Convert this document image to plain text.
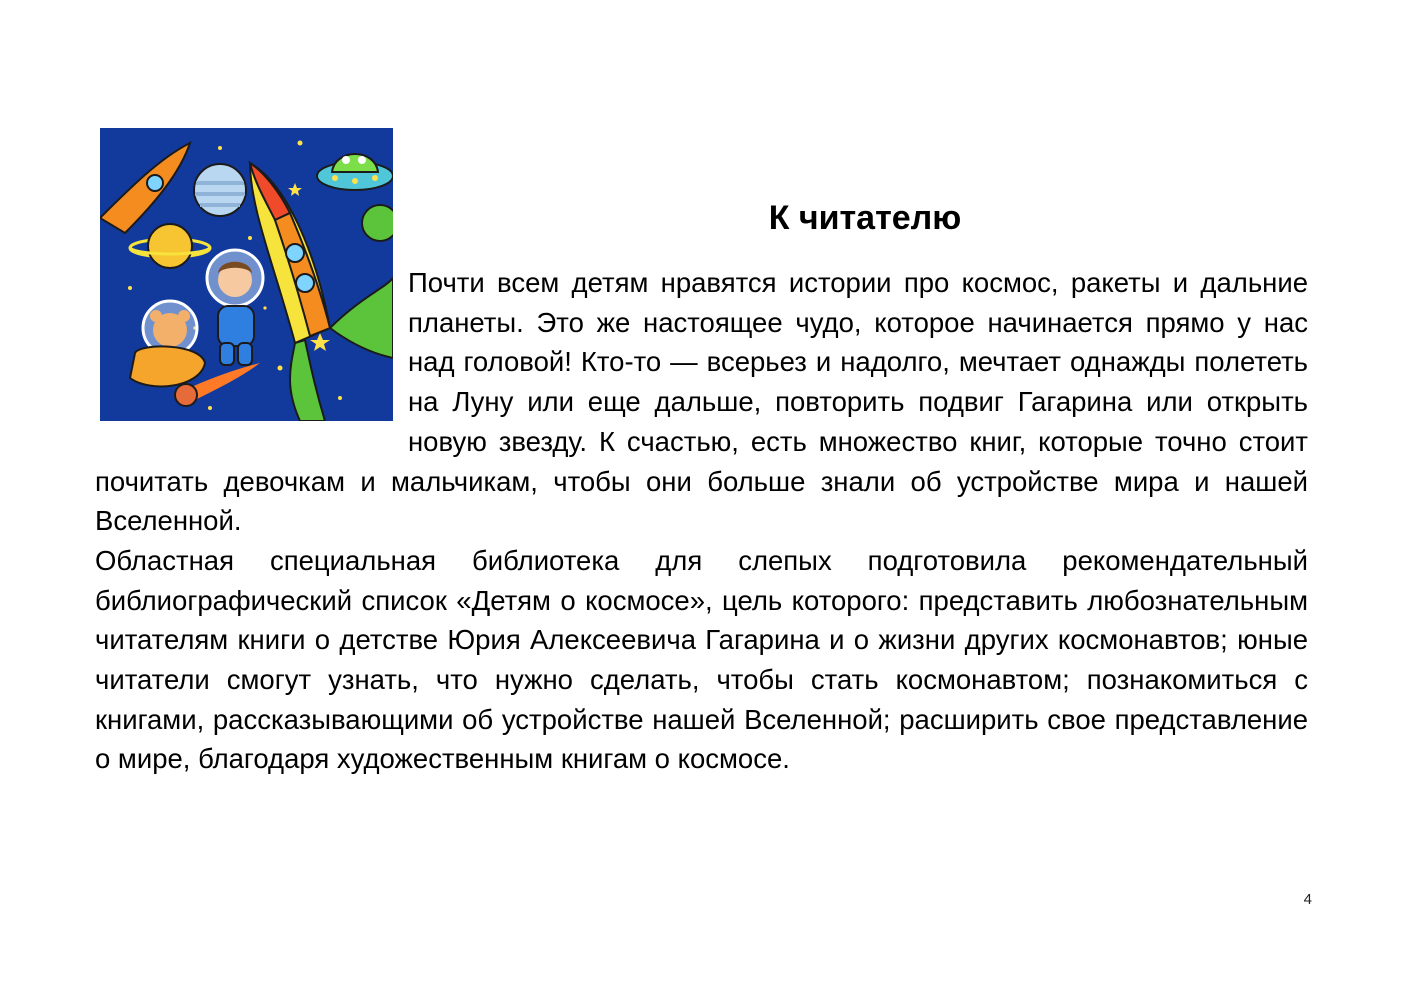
К читателю

Почти всем детям нравятся истории про космос, ракеты и дальние планеты. Это же настоящее чудо, которое начинается прямо у нас над головой! Кто-то — всерьез и надолго, мечтает однажды полететь на Луну или еще дальше, повторить подвиг Гагарина или открыть новую звезду. К счастью, есть множество книг, которые точно стоит почитать девочкам и мальчикам, чтобы они больше знали об устройстве мира и нашей Вселенной.

Областная специальная библиотека для слепых подготовила рекомендательный библиографический список «Детям о космосе», цель которого: представить любознательным читателям книги о детстве Юрия Алексеевича Гагарина и о жизни других космонавтов; юные читатели смогут узнать, что нужно сделать, чтобы стать космонавтом; познакомиться с книгами, рассказывающими об устройстве нашей Вселенной; расширить свое представление о мире, благодаря художественным книгам о космосе.

4
